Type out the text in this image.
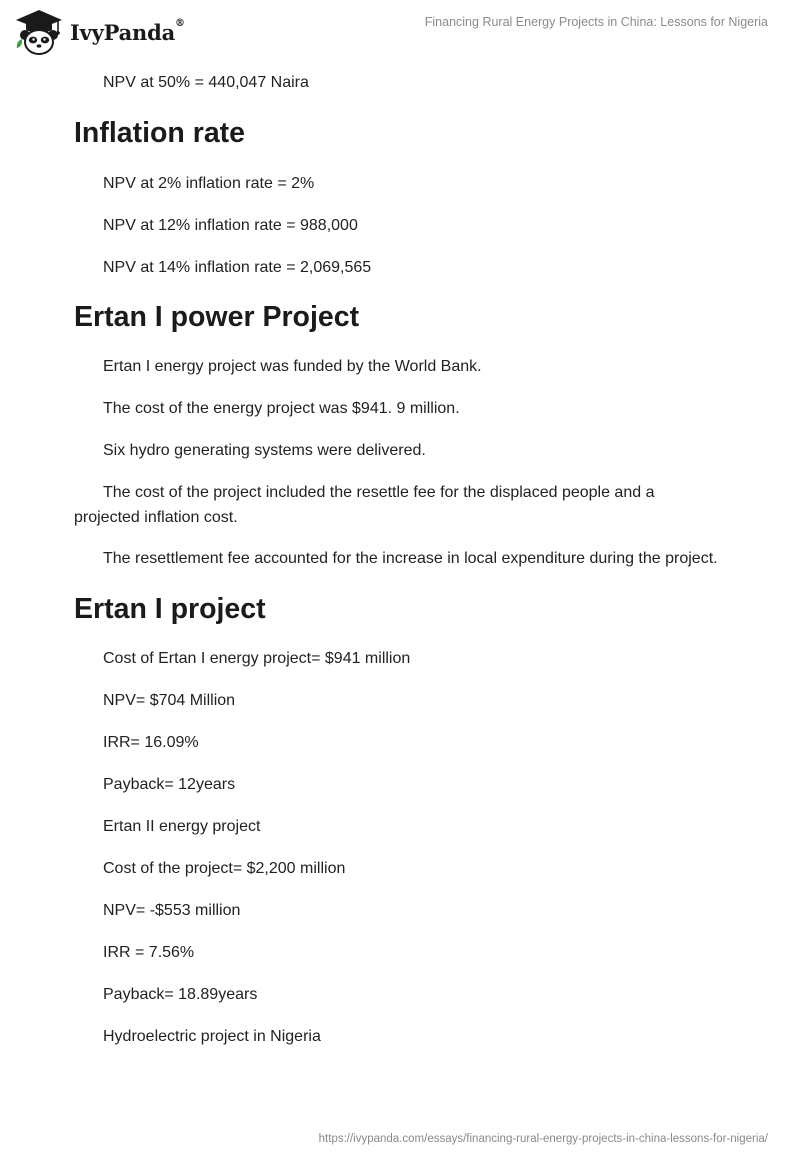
IvyPanda®	Financing Rural Energy Projects in China: Lessons for Nigeria

NPV at 50% = 440,047 Naira

Inflation rate

NPV at 2% inflation rate = 2%

NPV at 12% inflation rate = 988,000

NPV at 14% inflation rate = 2,069,565

Ertan I power Project

Ertan I energy project was funded by the World Bank.

The cost of the energy project was $941. 9 million.

Six hydro generating systems were delivered.

The cost of the project included the resettle fee for the displaced people and a projected inflation cost.

The resettlement fee accounted for the increase in local expenditure during the project.

Ertan I project

Cost of Ertan I energy project= $941 million

NPV= $704 Million

IRR= 16.09%

Payback= 12years

Ertan II energy project

Cost of the project= $2,200 million

NPV= -$553 million

IRR = 7.56%

Payback= 18.89years

Hydroelectric project in Nigeria

https://ivypanda.com/essays/financing-rural-energy-projects-in-china-lessons-for-nigeria/
